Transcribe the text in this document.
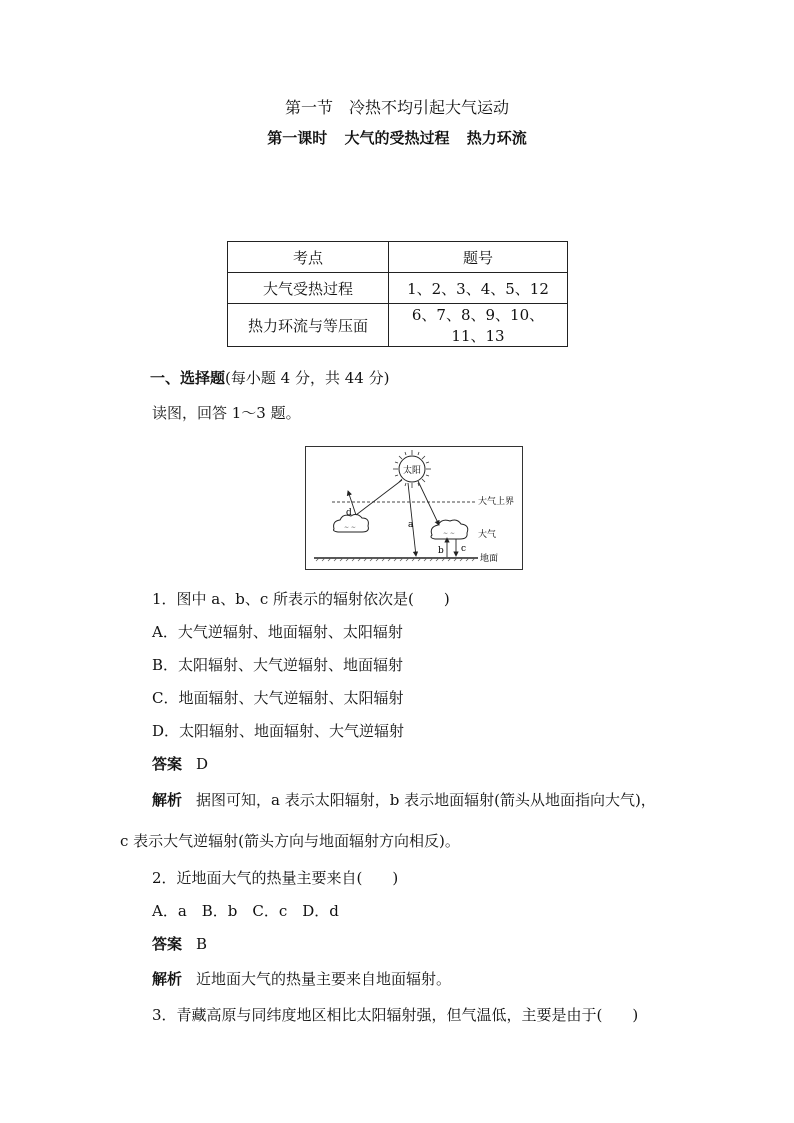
第一节　冷热不均引起大气运动
第一课时 大气的受热过程 热力环流
考点	题号
大气受热过程	1、2、3、4、5、12
热力环流与等压面	6、7、8、9、10、11、13
一、选择题(每小题 4 分，共 44 分)
读图，回答 1～3 题。
太阳
∼ ∼
∼ ∼
d
a
b c
大气上界
大气
地面
1．图中 a、b、c 所表示的辐射依次是(　　)
A．大气逆辐射、地面辐射、太阳辐射
B．太阳辐射、大气逆辐射、地面辐射
C．地面辐射、大气逆辐射、太阳辐射
D．太阳辐射、地面辐射、大气逆辐射
答案 D
解析 据图可知，a 表示太阳辐射，b 表示地面辐射(箭头从地面指向大气)，
c 表示大气逆辐射(箭头方向与地面辐射方向相反)。
2．近地面大气的热量主要来自(　　)
A．a　B．b　C．c　D．d
答案 B
解析 近地面大气的热量主要来自地面辐射。
3．青藏高原与同纬度地区相比太阳辐射强，但气温低，主要是由于(　　)
